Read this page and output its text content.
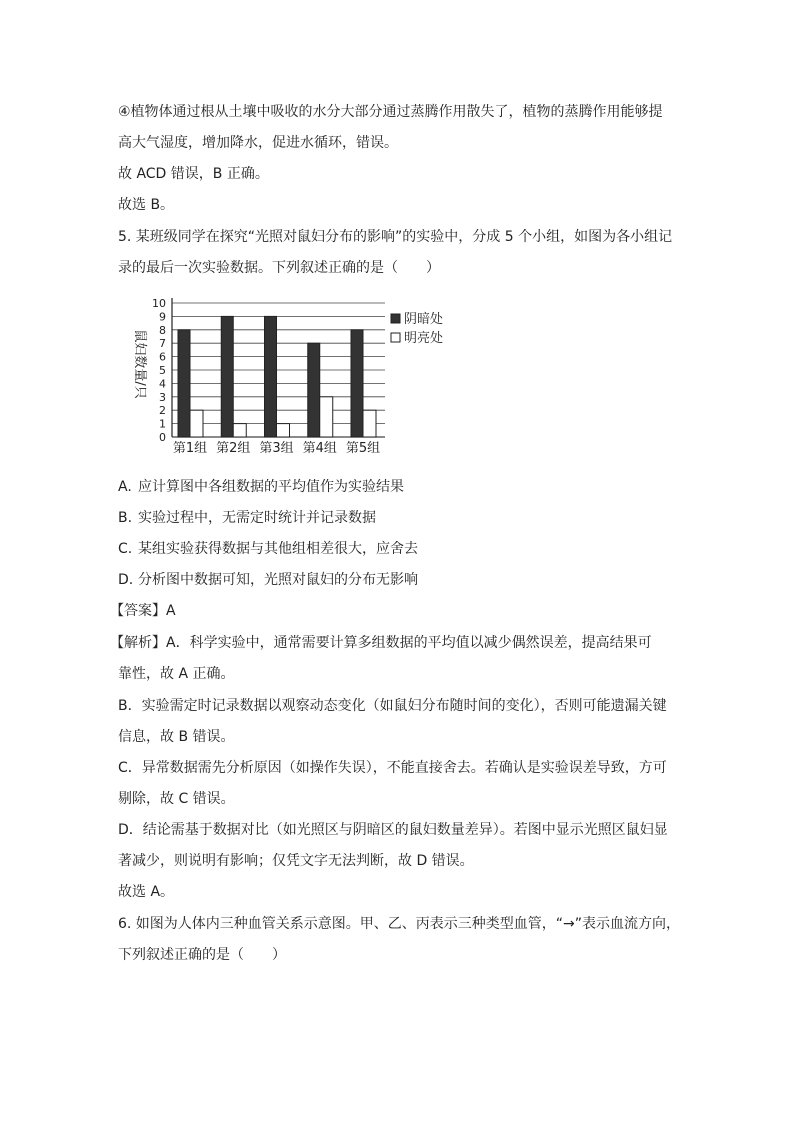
④植物体通过根从土壤中吸收的水分大部分通过蒸腾作用散失了，植物的蒸腾作用能够提
高大气湿度，增加降水，促进水循环，错误。
故 ACD 错误，B 正确。
故选 B。
5. 某班级同学在探究“光照对鼠妇分布的影响”的实验中，分成 5 个小组，如图为各小组记
录的最后一次实验数据。下列叙述正确的是（　　）
0
1
2
3
4
5
6
7
8
9
10
第1组 第2组 第3组 第4组 第5组
阴暗处
明亮处
鼠妇数量/只
A. 应计算图中各组数据的平均值作为实验结果
B. 实验过程中，无需定时统计并记录数据
C. 某组实验获得数据与其他组相差很大，应舍去
D. 分析图中数据可知，光照对鼠妇的分布无影响
【答案】A
【解析】A．科学实验中，通常需要计算多组数据的平均值以减少偶然误差，提高结果可
靠性，故 A 正确。
B．实验需定时记录数据以观察动态变化（如鼠妇分布随时间的变化），否则可能遗漏关键
信息，故 B 错误。
C．异常数据需先分析原因（如操作失误），不能直接舍去。若确认是实验误差导致，方可
剔除，故 C 错误。
D．结论需基于数据对比（如光照区与阴暗区的鼠妇数量差异）。若图中显示光照区鼠妇显
著减少，则说明有影响；仅凭文字无法判断，故 D 错误。
故选 A。
6. 如图为人体内三种血管关系示意图。甲、乙、丙表示三种类型血管，“→”表示血流方向，
下列叙述正确的是（　　）
